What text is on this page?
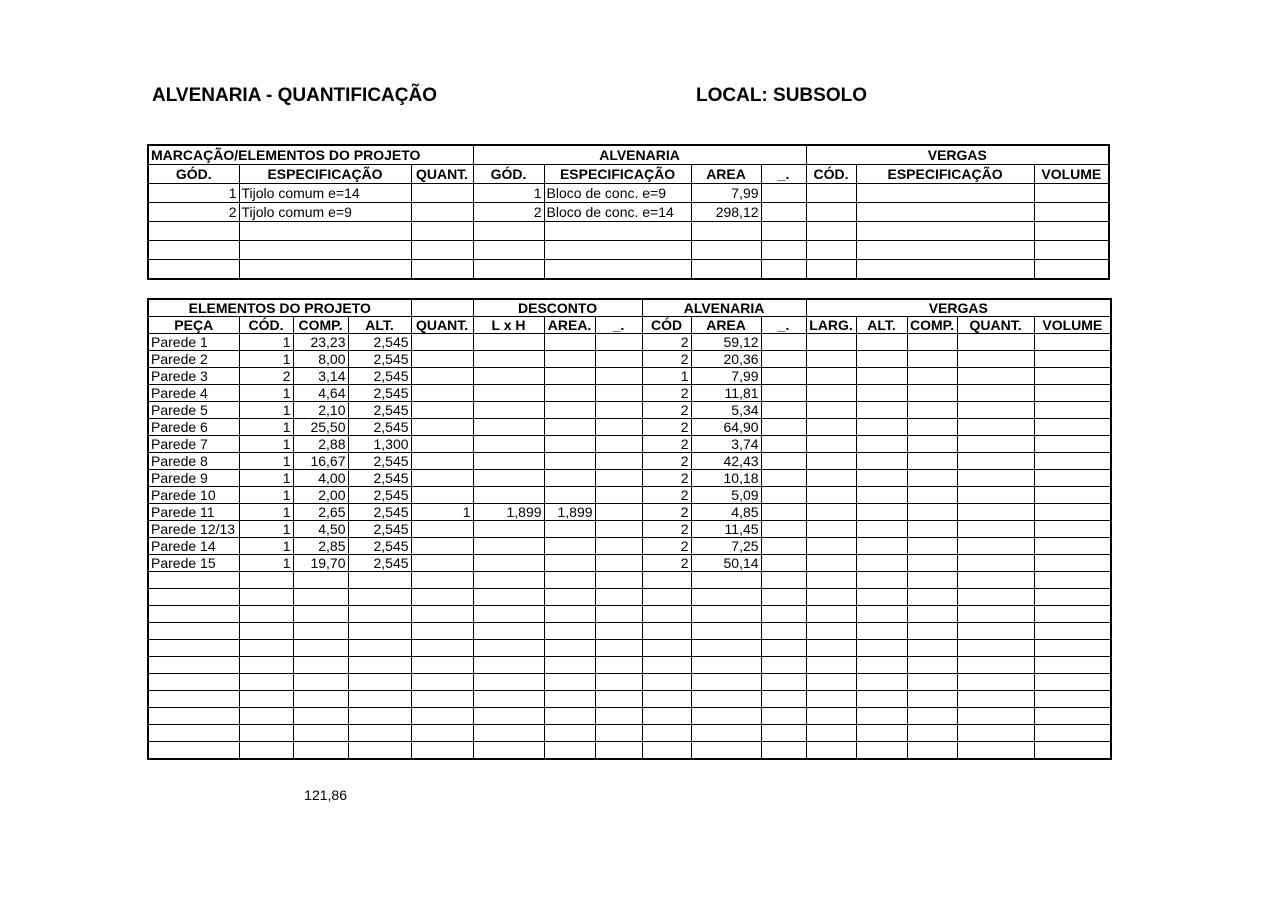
ALVENARIA - QUANTIFICAÇÃO	LOCAL: SUBSOLO
MARCAÇÃO/ELEMENTOS DO PROJETO			ALVENARIA				VERGAS		
GÓD.	ESPECIFICAÇÃO	QUANT.	GÓD.	ESPECIFICAÇÃO	AREA	_.	CÓD.	ESPECIFICAÇÃO	VOLUME
1	Tijolo comum e=14		1	Bloco de conc. e=9	7,99				
2	Tijolo comum e=9		2	Bloco de conc. e=14	298,12				

ELEMENTOS DO PROJETO					DESCONTO			ALVENARIA			VERGAS				
PEÇA	CÓD.	COMP.	ALT.	QUANT.	L x H	AREA.	_.	CÓD	AREA	_.	LARG.	ALT.	COMP.	QUANT.	VOLUME
Parede 1	1	23,23	2,545					2	59,12						
Parede 2	1	8,00	2,545					2	20,36						
Parede 3	2	3,14	2,545					1	7,99						
Parede 4	1	4,64	2,545					2	11,81						
Parede 5	1	2,10	2,545					2	5,34						
Parede 6	1	25,50	2,545					2	64,90						
Parede 7	1	2,88	1,300					2	3,74						
Parede 8	1	16,67	2,545					2	42,43						
Parede 9	1	4,00	2,545					2	10,18						
Parede 10	1	2,00	2,545					2	5,09						
Parede 11	1	2,65	2,545	1	1,899	1,899		2	4,85						
Parede 12/13	1	4,50	2,545					2	11,45						
Parede 14	1	2,85	2,545					2	7,25						
Parede 15	1	19,70	2,545					2	50,14						

121,86
